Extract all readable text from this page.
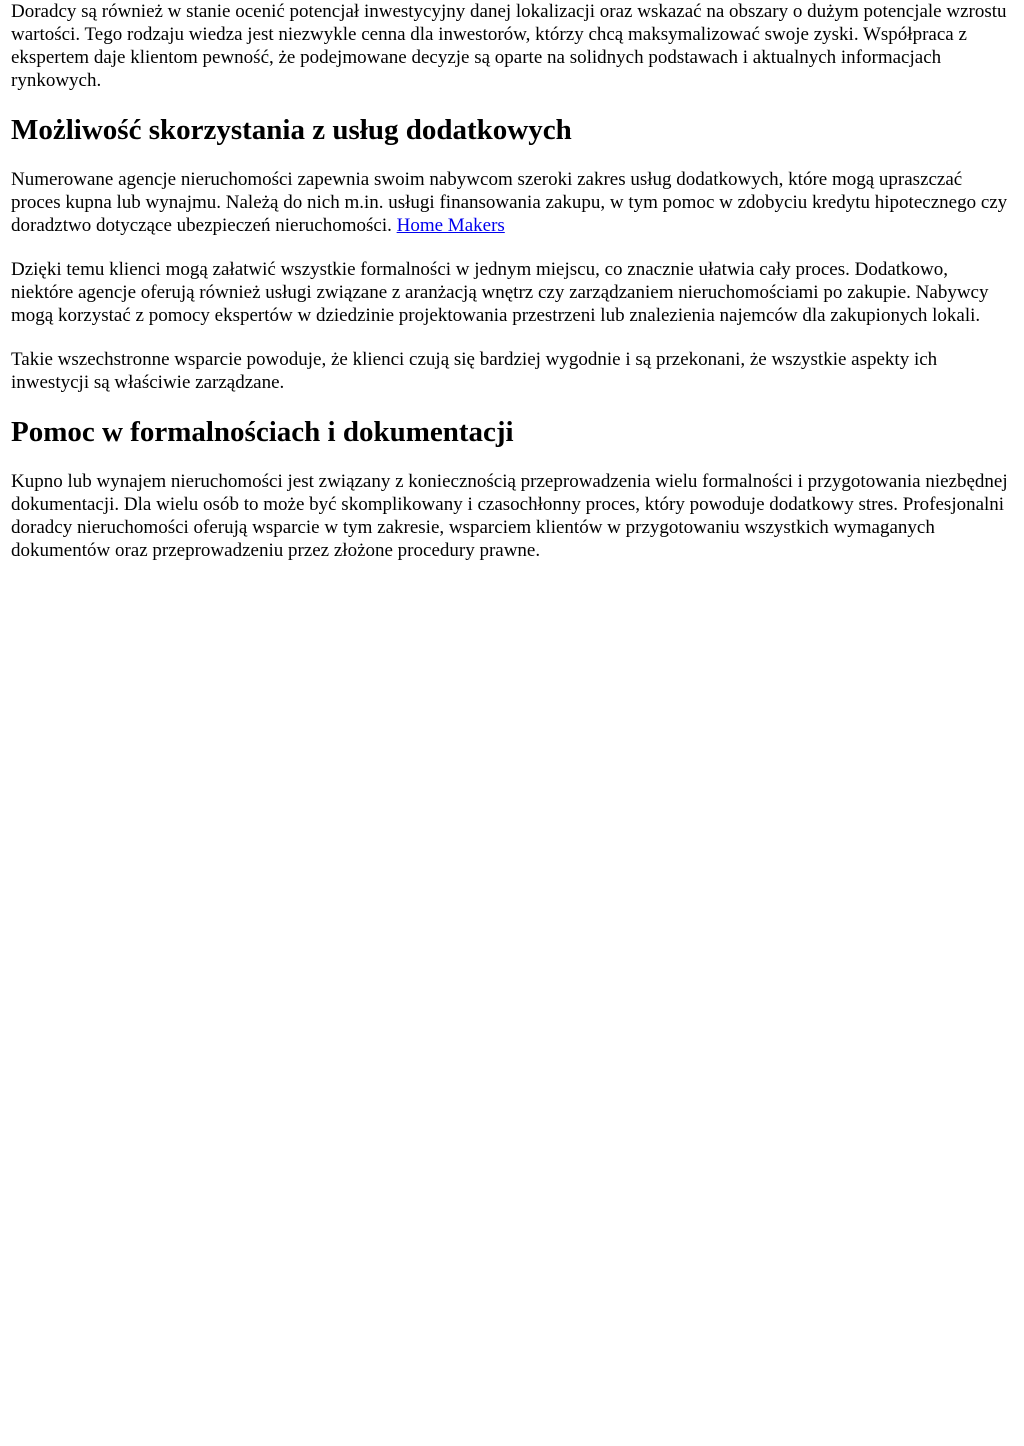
Doradcy są również w stanie ocenić potencjał inwestycyjny danej lokalizacji oraz wskazać na obszary o dużym potencjale wzrostu wartości. Tego rodzaju wiedza jest niezwykle cenna dla inwestorów, którzy chcą maksymalizować swoje zyski. Współpraca z ekspertem daje klientom pewność, że podejmowane decyzje są oparte na solidnych podstawach i aktualnych informacjach rynkowych.

Możliwość skorzystania z usług dodatkowych

Numerowane agencje nieruchomości zapewnia swoim nabywcom szeroki zakres usług dodatkowych, które mogą upraszczać proces kupna lub wynajmu. Należą do nich m.in. usługi finansowania zakupu, w tym pomoc w zdobyciu kredytu hipotecznego czy doradztwo dotyczące ubezpieczeń nieruchomości. Home Makers

Dzięki temu klienci mogą załatwić wszystkie formalności w jednym miejscu, co znacznie ułatwia cały proces. Dodatkowo, niektóre agencje oferują również usługi związane z aranżacją wnętrz czy zarządzaniem nieruchomościami po zakupie. Nabywcy mogą korzystać z pomocy ekspertów w dziedzinie projektowania przestrzeni lub znalezienia najemców dla zakupionych lokali.

Takie wszechstronne wsparcie powoduje, że klienci czują się bardziej wygodnie i są przekonani, że wszystkie aspekty ich inwestycji są właściwie zarządzane.

Pomoc w formalnościach i dokumentacji

Kupno lub wynajem nieruchomości jest związany z koniecznością przeprowadzenia wielu formalności i przygotowania niezbędnej dokumentacji. Dla wielu osób to może być skomplikowany i czasochłonny proces, który powoduje dodatkowy stres. Profesjonalni doradcy nieruchomości oferują wsparcie w tym zakresie, wsparciem klientów w przygotowaniu wszystkich wymaganych dokumentów oraz przeprowadzeniu przez złożone procedury prawne.
